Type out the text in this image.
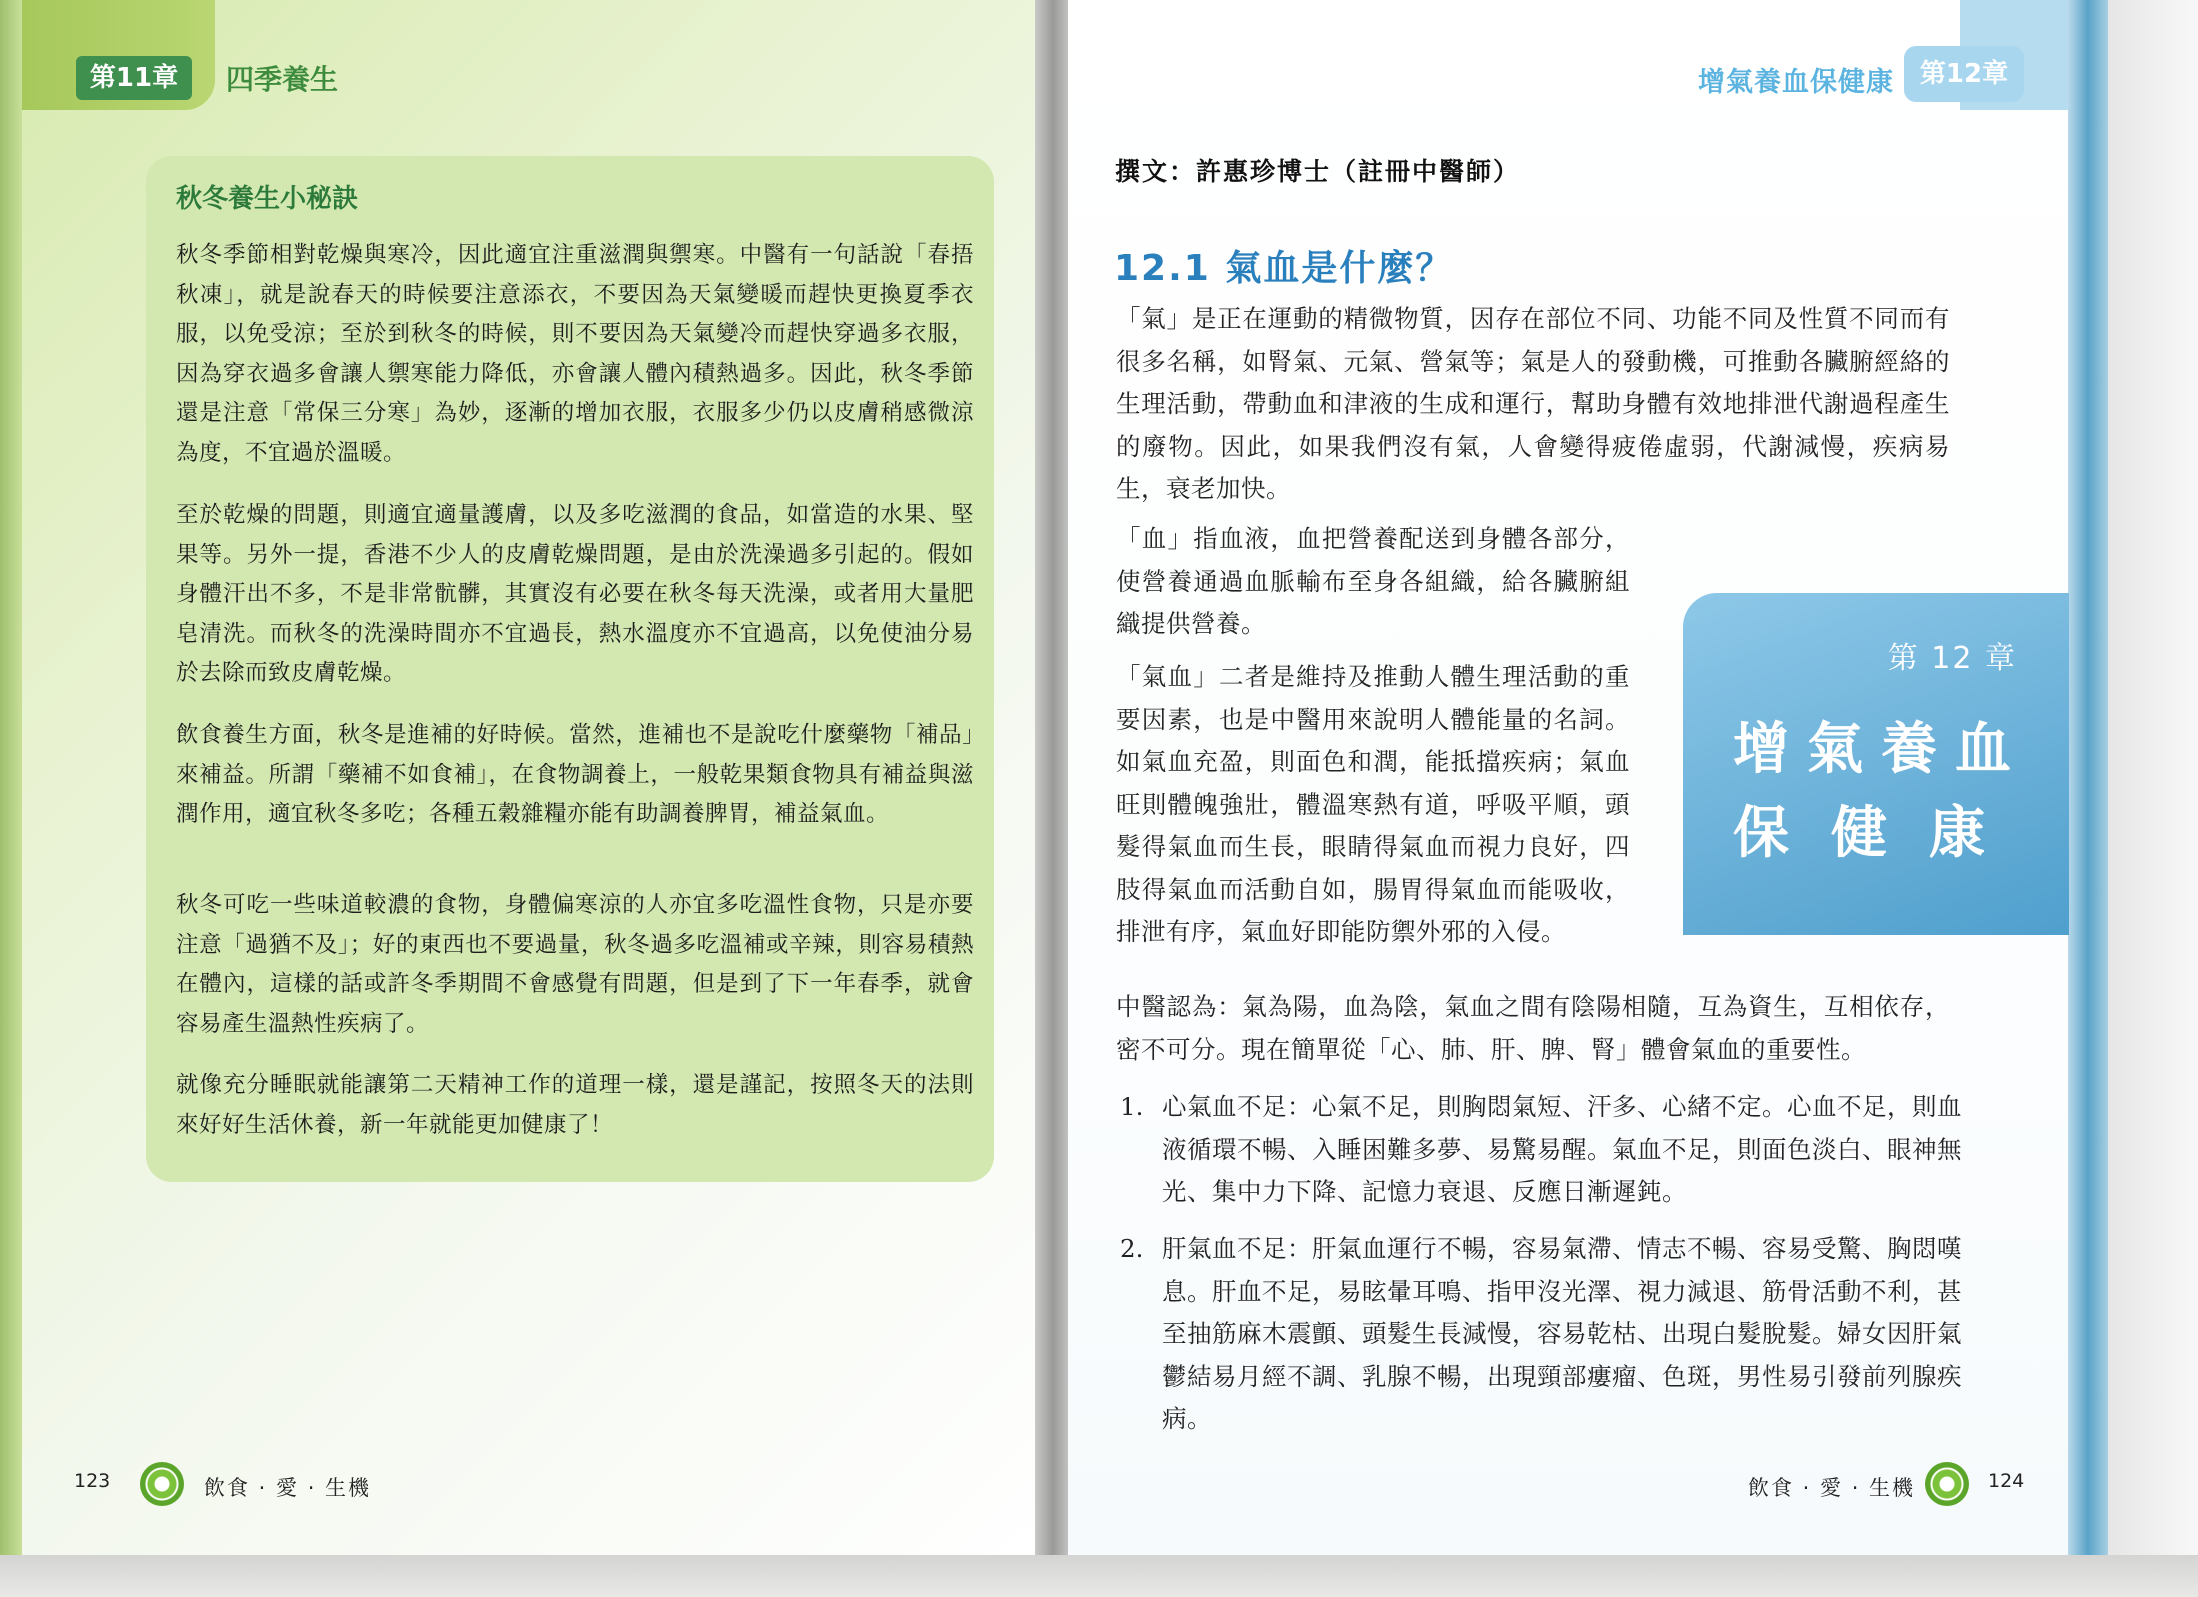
第11章	四季養生
秋冬養生小秘訣
秋冬季節相對乾燥與寒冷，因此適宜注重滋潤與禦寒。中醫有一句話說「春捂秋凍」，就是說春天的時候要注意添衣，不要因為天氣變暖而趕快更換夏季衣服，以免受涼；至於到秋冬的時候，則不要因為天氣變冷而趕快穿過多衣服，因為穿衣過多會讓人禦寒能力降低，亦會讓人體內積熱過多。因此，秋冬季節還是注意「常保三分寒」為妙，逐漸的增加衣服，衣服多少仍以皮膚稍感微涼為度，不宜過於溫暖。
至於乾燥的問題，則適宜適量護膚，以及多吃滋潤的食品，如當造的水果、堅果等。另外一提，香港不少人的皮膚乾燥問題，是由於洗澡過多引起的。假如身體汗出不多，不是非常骯髒，其實沒有必要在秋冬每天洗澡，或者用大量肥皂清洗。而秋冬的洗澡時間亦不宜過長，熱水溫度亦不宜過高，以免使油分易於去除而致皮膚乾燥。
飲食養生方面，秋冬是進補的好時候。當然，進補也不是說吃什麼藥物「補品」來補益。所謂「藥補不如食補」，在食物調養上，一般乾果類食物具有補益與滋潤作用，適宜秋冬多吃；各種五穀雜糧亦能有助調養脾胃，補益氣血。
秋冬可吃一些味道較濃的食物，身體偏寒涼的人亦宜多吃溫性食物，只是亦要注意「過猶不及」；好的東西也不要過量，秋冬過多吃溫補或辛辣，則容易積熱在體內，這樣的話或許冬季期間不會感覺有問題，但是到了下一年春季，就會容易產生溫熱性疾病了。
就像充分睡眠就能讓第二天精神工作的道理一樣，還是謹記，按照冬天的法則來好好生活休養，新一年就能更加健康了！
123	飲食 · 愛 · 生機
增氣養血保健康 第12章
撰文：許惠珍博士（註冊中醫師）
12.1 氣血是什麼？
「氣」是正在運動的精微物質，因存在部位不同、功能不同及性質不同而有很多名稱，如腎氣、元氣、營氣等；氣是人的發動機，可推動各臟腑經絡的生理活動，帶動血和津液的生成和運行，幫助身體有效地排泄代謝過程產生的廢物。因此，如果我們沒有氣，人會變得疲倦虛弱，代謝減慢，疾病易生，衰老加快。
「血」指血液，血把營養配送到身體各部分，使營養通過血脈輸布至身各組織，給各臟腑組織提供營養。
「氣血」二者是維持及推動人體生理活動的重要因素，也是中醫用來說明人體能量的名詞。如氣血充盈，則面色和潤，能抵擋疾病；氣血旺則體魄強壯，體溫寒熱有道，呼吸平順，頭髮得氣血而生長，眼睛得氣血而視力良好，四肢得氣血而活動自如，腸胃得氣血而能吸收，排泄有序，氣血好即能防禦外邪的入侵。
中醫認為：氣為陽，血為陰，氣血之間有陰陽相隨，互為資生，互相依存，密不可分。現在簡單從「心、肺、肝、脾、腎」體會氣血的重要性。
第 12 章
增氣養血
保健康
1. 心氣血不足：心氣不足，則胸悶氣短、汗多、心緒不定。心血不足，則血液循環不暢、入睡困難多夢、易驚易醒。氣血不足，則面色淡白、眼神無光、集中力下降、記憶力衰退、反應日漸遲鈍。
2. 肝氣血不足：肝氣血運行不暢，容易氣滯、情志不暢、容易受驚、胸悶嘆息。肝血不足，易眩暈耳鳴、指甲沒光澤、視力減退、筋骨活動不利，甚至抽筋麻木震顫、頭髮生長減慢，容易乾枯、出現白髮脫髮。婦女因肝氣鬱結易月經不調、乳腺不暢，出現頸部瘻瘤、色斑，男性易引發前列腺疾病。
飲食 · 愛 · 生機	124
